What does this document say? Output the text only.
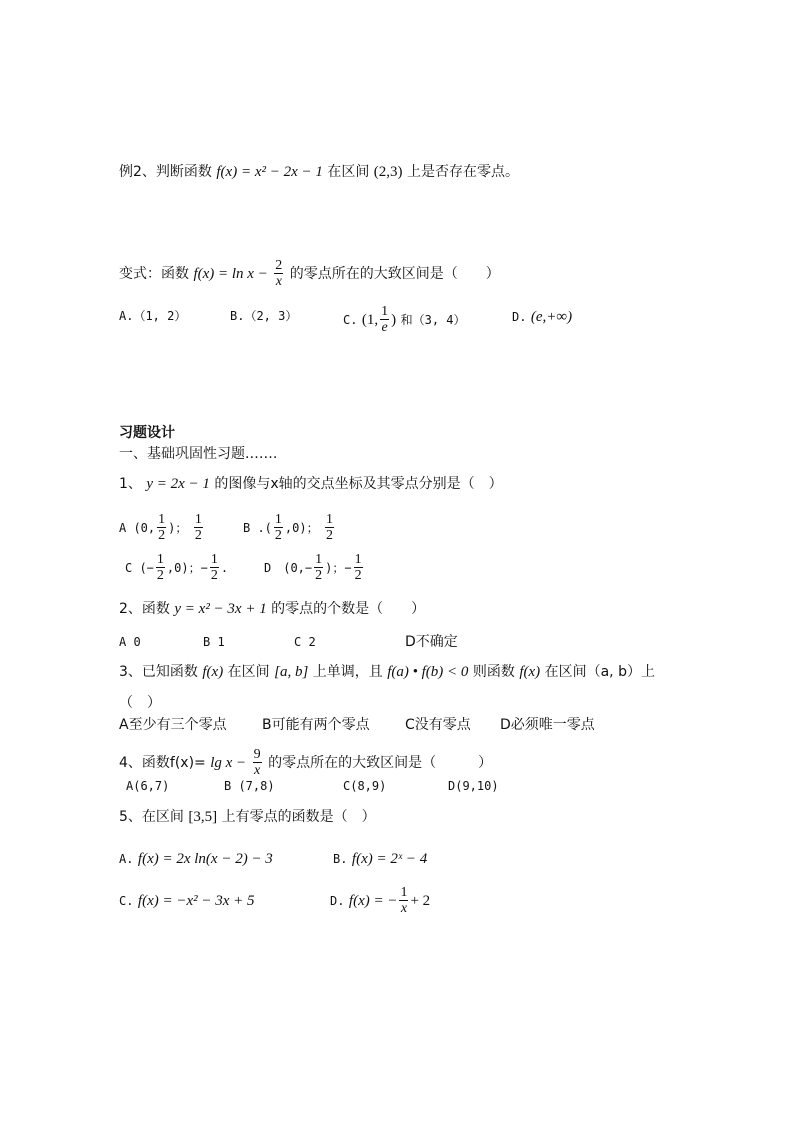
例2、判断函数 f(x) = x² − 2x − 1 在区间 (2,3) 上是否存在零点。
变式：函数 $f(x) = \ln x - \frac{2}{x}$ 的零点所在的大致区间是（　　）
A.（1, 2）	B.（2, 3）	C. (1, $\frac{1}{e}$ ) 和（3, 4）	D. (e,+∞)
习题设计
一、基础巩固性习题.……
1、 y = 2x − 1 的图像与x轴的交点坐标及其零点分别是（　）
A (0, $\frac{1}{2}$ )； $\frac{1}{2}$	B .( $\frac{1}{2} ,0$)； $\frac{1}{2}$
C (− $\frac{1}{2} ,0$)；− $\frac{1}{2}$ .	D　($0,- \frac{1}{2}$ )；− $\frac{1}{2}$
2、函数 y = x² − 3x + 1 的零点的个数是（　　）
A 0	B 1	C 2	D不确定
3、已知函数 f(x) 在区间 [a, b] 上单调，且 f(a) • f(b) < 0 则函数 f(x) 在区间（a, b）上
（　）
A至少有三个零点	B可能有两个零点	C没有零点 D必须唯一零点
4、函数$f(x)= \lg x - \frac{9}{x}$ 的零点所在的大致区间是（　　　）
A(6,7)	B (7,8)	C(8,9)	D(9,10)
5、在区间 [3,5] 上有零点的函数是（　）
A. f(x) = 2x ln(x − 2) − 3	B. f(x) = 2ˣ − 4
C. f(x) = −x² − 3x + 5	D. f(x) = − $\frac{1}{x} + 2$
